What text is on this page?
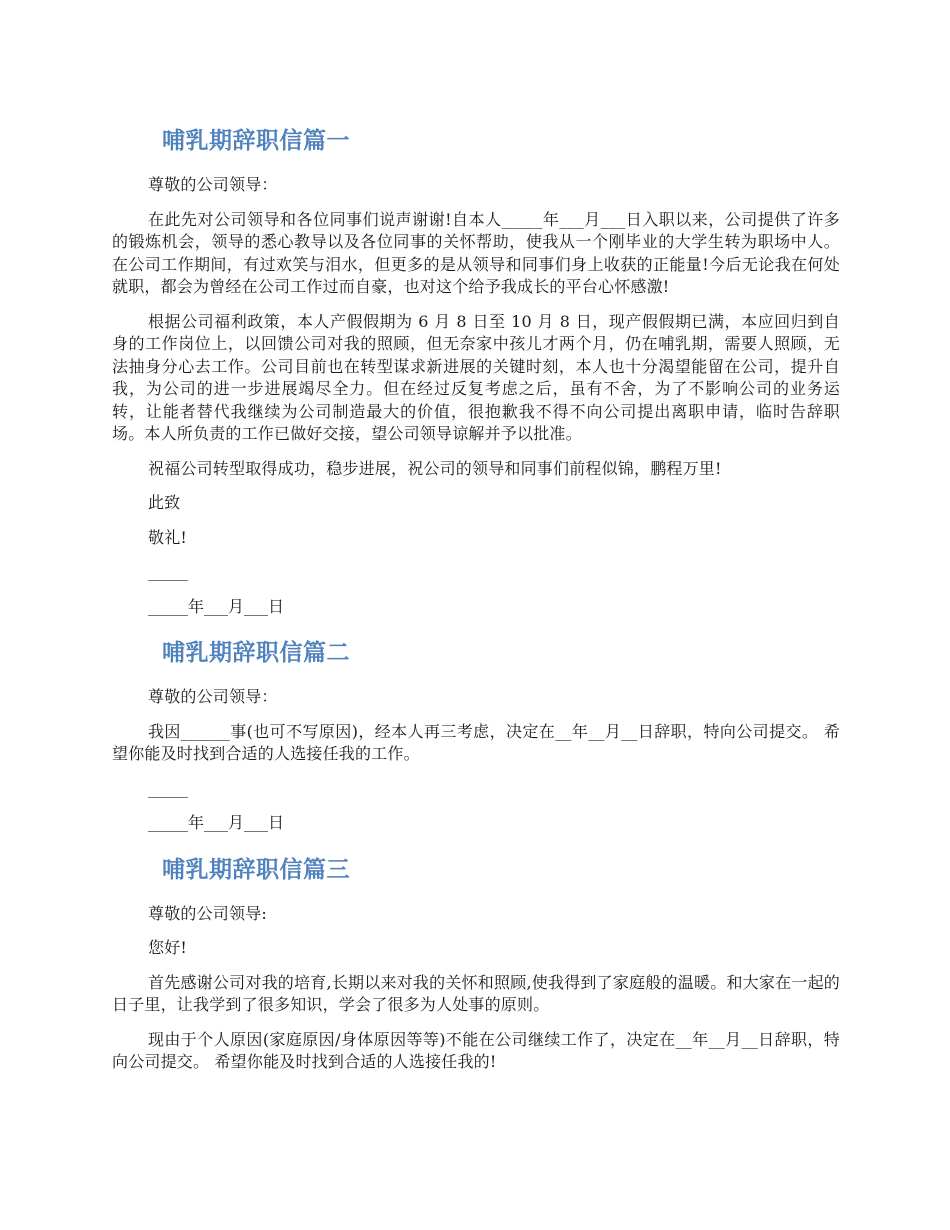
哺乳期辞职信篇一

尊敬的公司领导：

在此先对公司领导和各位同事们说声谢谢!自本人_____年___月___日入职以来，公司提供了许多的锻炼机会，领导的悉心教导以及各位同事的关怀帮助，使我从一个刚毕业的大学生转为职场中人。在公司工作期间，有过欢笑与泪水，但更多的是从领导和同事们身上收获的正能量!今后无论我在何处就职，都会为曾经在公司工作过而自豪，也对这个给予我成长的平台心怀感激!

根据公司福利政策，本人产假假期为 6 月 8 日至 10 月 8 日，现产假假期已满，本应回归到自身的工作岗位上，以回馈公司对我的照顾，但无奈家中孩儿才两个月，仍在哺乳期，需要人照顾，无法抽身分心去工作。公司目前也在转型谋求新进展的关键时刻，本人也十分渴望能留在公司，提升自我，为公司的进一步进展竭尽全力。但在经过反复考虑之后，虽有不舍，为了不影响公司的业务运转，让能者替代我继续为公司制造最大的价值，很抱歉我不得不向公司提出离职申请，临时告辞职场。本人所负责的工作已做好交接，望公司领导谅解并予以批准。

祝福公司转型取得成功，稳步进展，祝公司的领导和同事们前程似锦，鹏程万里!

此致

敬礼!

_____

_____年___月___日

哺乳期辞职信篇二

尊敬的公司领导：

我因______事(也可不写原因)，经本人再三考虑，决定在__年__月__日辞职，特向公司提交。 希望你能及时找到合适的人选接任我的工作。

_____

_____年___月___日

哺乳期辞职信篇三

尊敬的公司领导:

您好!

首先感谢公司对我的培育,长期以来对我的关怀和照顾,使我得到了家庭般的温暖。和大家在一起的日子里，让我学到了很多知识，学会了很多为人处事的原则。

现由于个人原因(家庭原因/身体原因等等)不能在公司继续工作了，决定在__年__月__日辞职，特向公司提交。 希望你能及时找到合适的人选接任我的!
